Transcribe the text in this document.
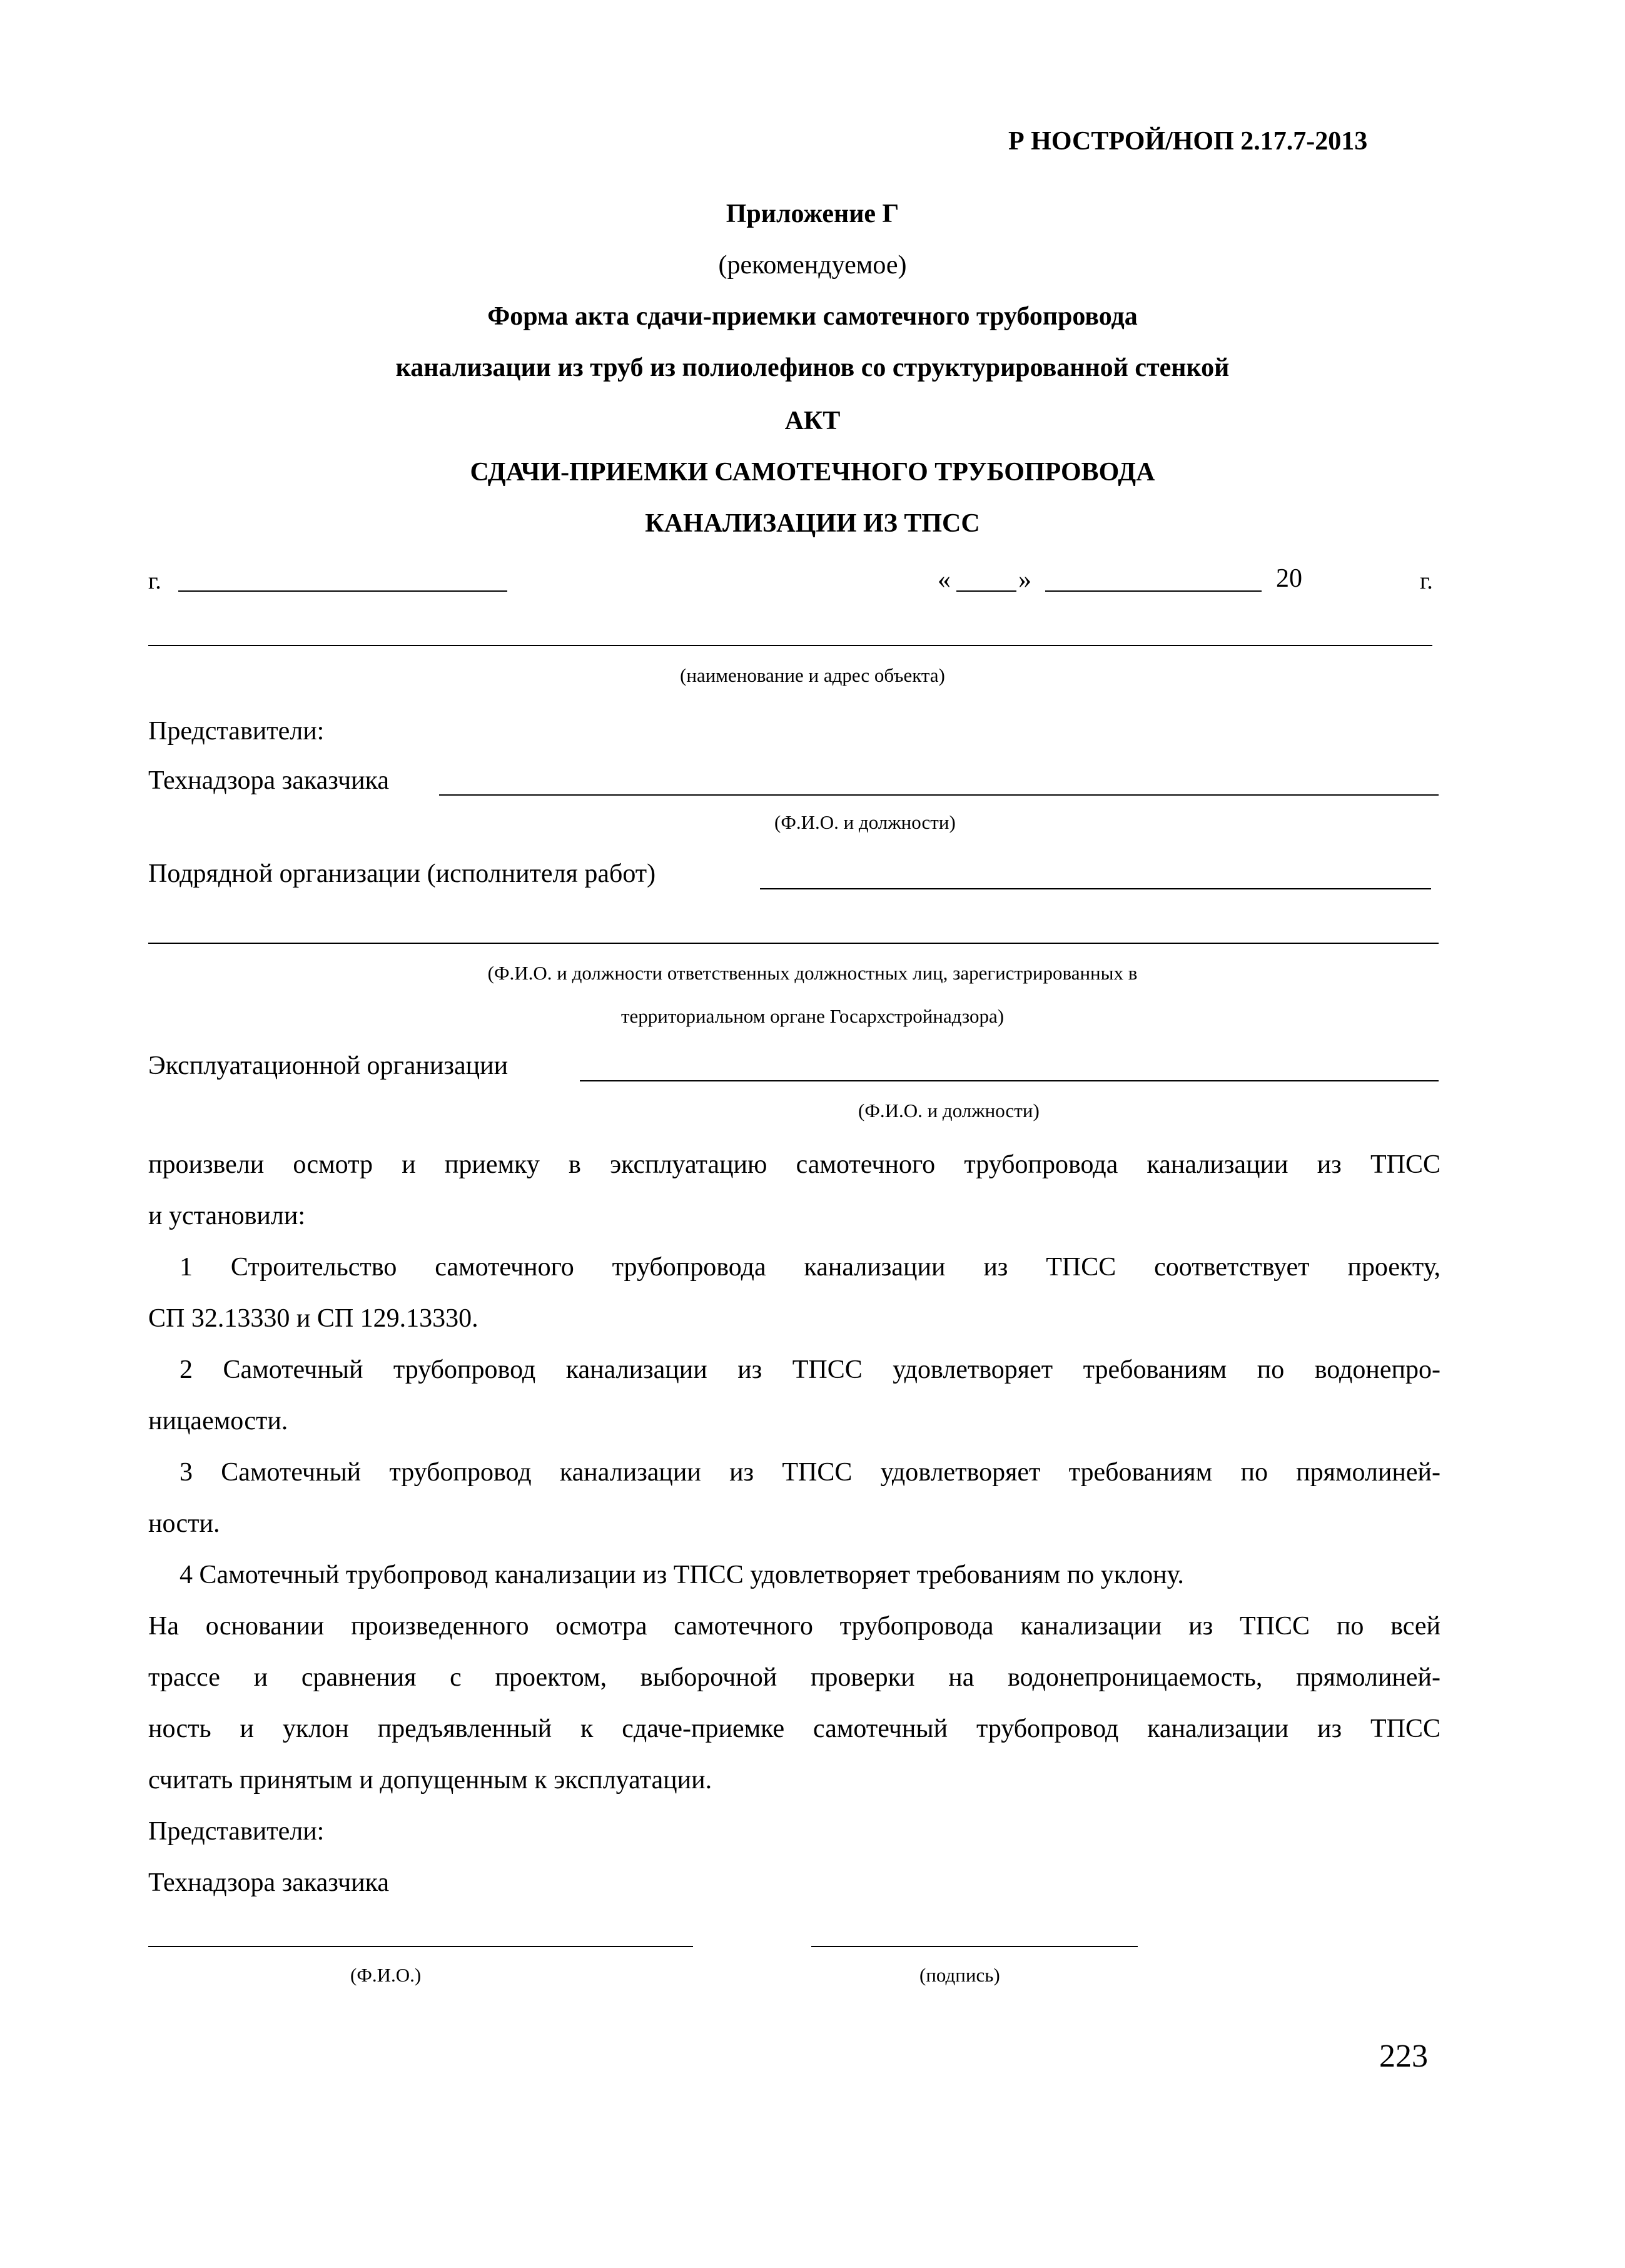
Р НОСТРОЙ/НОП 2.17.7-2013
Приложение Г
(рекомендуемое)
Форма акта сдачи-приемки самотечного трубопровода
канализации из труб из полиолефинов со структурированной стенкой
АКТ
СДАЧИ-ПРИЕМКИ САМОТЕЧНОГО ТРУБОПРОВОДА
КАНАЛИЗАЦИИ ИЗ ТПСС
г.	«	»	20	г.
(наименование и адрес объекта)
Представители:
Технадзора заказчика
(Ф.И.О. и должности)
Подрядной организации (исполнителя работ)
(Ф.И.О. и должности ответственных должностных лиц, зарегистрированных в
территориальном органе Госархстройнадзора)
Эксплуатационной организации
(Ф.И.О. и должности)
произвели осмотр и приемку в эксплуатацию самотечного трубопровода канализации из ТПСС
и установили:
1 Строительство самотечного трубопровода канализации из ТПСС соответствует проекту,
СП 32.13330 и СП 129.13330.
2 Самотечный трубопровод канализации из ТПСС удовлетворяет требованиям по водонепро-
ницаемости.
3 Самотечный трубопровод канализации из ТПСС удовлетворяет требованиям по прямолиней-
ности.
4 Самотечный трубопровод канализации из ТПСС удовлетворяет требованиям по уклону.
На основании произведенного осмотра самотечного трубопровода канализации из ТПСС по всей
трассе и сравнения с проектом, выборочной проверки на водонепроницаемость, прямолиней-
ность и уклон предъявленный к сдаче-приемке самотечный трубопровод канализации из ТПСС
считать принятым и допущенным к эксплуатации.
Представители:
Технадзора заказчика
(Ф.И.О.)	(подпись)
223
